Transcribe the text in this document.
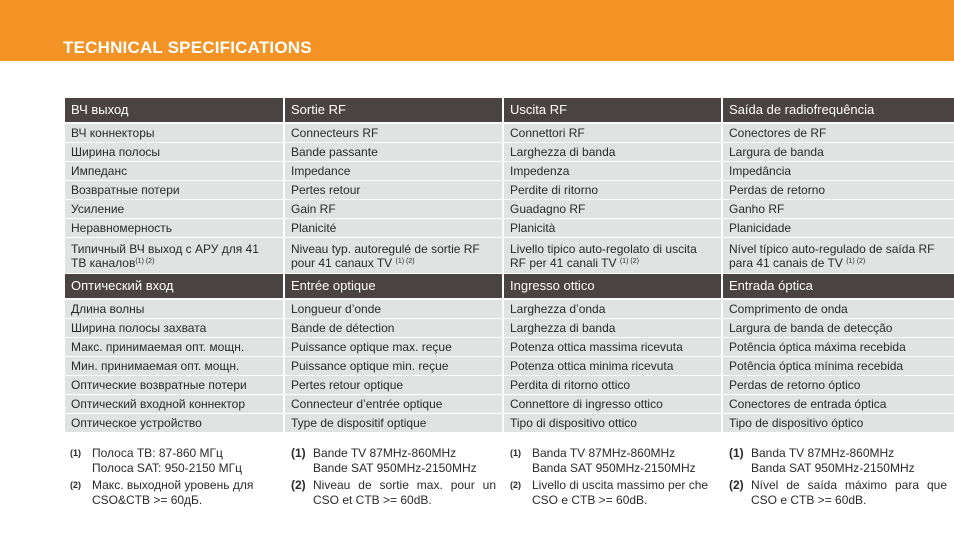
TECHNICAL SPECIFICATIONS
ВЧ выход	Sortie RF	Uscita RF	Saída de radiofrequência
ВЧ коннекторы	Connecteurs RF	Connettori RF	Conectores de RF
Ширина полосы	Bande passante	Larghezza di banda	Largura de banda
Импеданс	Impedance	Impedenza	Impedância
Возвратные потери	Pertes retour	Perdite di ritorno	Perdas de retorno
Усиление	Gain RF	Guadagno RF	Ganho RF
Неравномерность	Planicité	Planicità	Planicidade
Типичный ВЧ выход с АРУ для 41 ТВ каналов$^{(1) (2)}$	Niveau typ. autoregulé de sortie RF pour 41 canaux TV $^{(1) (2)}$	Livello tipico auto-regolato di uscita RF per 41 canali TV $^{(1) (2)}$	Nível típico auto-regulado de saída RF para 41 canais de TV $^{(1) (2)}$
Оптический вход	Entrée optique	Ingresso ottico	Entrada óptica
Длина волны	Longueur d’onde	Larghezza d’onda	Comprimento de onda
Ширина полосы захвата	Bande de détection	Larghezza di banda	Largura de banda de detecção
Макс. принимаемая опт. мощн.	Puissance optique max. reçue	Potenza ottica massima ricevuta	Potência óptica máxima recebida
Мин. принимаемая опт. мощн.	Puissance optique min. reçue	Potenza ottica minima ricevuta	Potência óptica mínima recebida
Оптические возвратные потери	Pertes retour optique	Perdita di ritorno ottico	Perdas de retorno óptico
Оптический входной коннектор	Connecteur d’entrée optique	Connettore di ingresso ottico	Conectores de entrada óptica
Оптическое устройство	Type de dispositif optique	Tipo di dispositivo ottico	Tipo de dispositivo óptico
(1) Полоса ТВ: 87-860 МГц
Полоса SAT: 950-2150 МГц
(2) Макс. выходной уровень для CSO&CTB >= 60дБ.
(1) Bande TV 87MHz-860MHz
Bande SAT 950MHz-2150MHz
(2) Niveau de sortie max. pour un CSO et CTB >= 60dB.
(1) Banda TV 87MHz-860MHz
Banda SAT 950MHz-2150MHz
(2) Livello di uscita massimo per che CSO e CTB >= 60dB.
(1) Banda TV 87MHz-860MHz
Banda SAT 950MHz-2150MHz
(2) Nível de saída máximo para que CSO e CTB >= 60dB.
